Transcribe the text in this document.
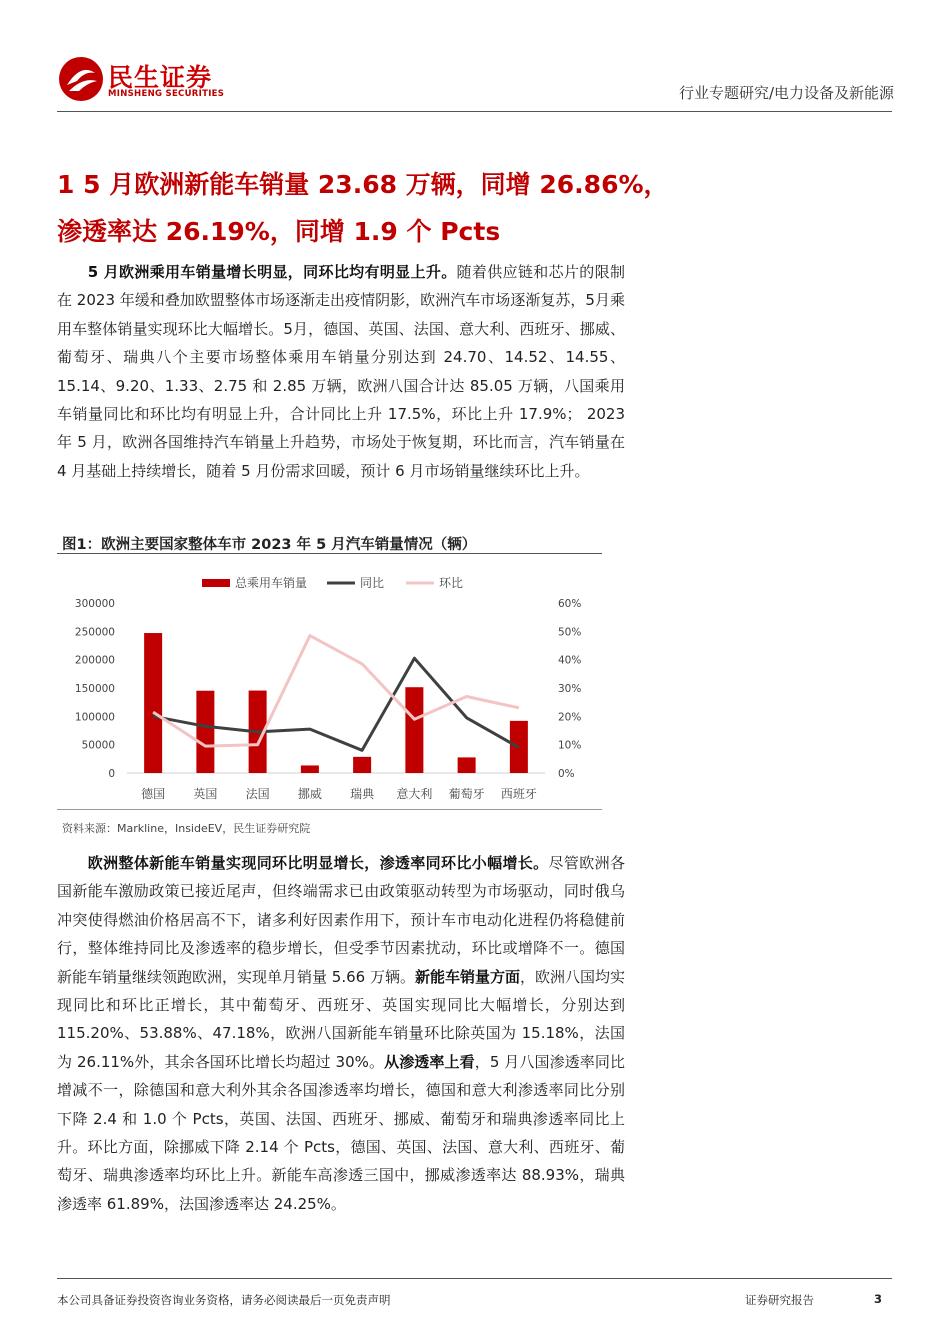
民生证券
MINSHENG SECURITIES	行业专题研究/电力设备及新能源
1 5 月欧洲新能车销量 23.68 万辆，同增 26.86%，
渗透率达 26.19%，同增 1.9 个 Pcts
　　5 月欧洲乘用车销量增长明显，同环比均有明显上升。随着供应链和芯片的限制在 2023 年缓和叠加欧盟整体市场逐渐走出疫情阴影，欧洲汽车市场逐渐复苏，5月乘用车整体销量实现环比大幅增长。5月，德国、英国、法国、意大利、西班牙、挪威、葡萄牙、瑞典八个主要市场整体乘用车销量分别达到 24.70、14.52、14.55、15.14、9.20、1.33、2.75 和 2.85 万辆，欧洲八国合计达 85.05 万辆，八国乘用车销量同比和环比均有明显上升，合计同比上升 17.5%，环比上升 17.9%； 2023 年 5 月，欧洲各国维持汽车销量上升趋势，市场处于恢复期，环比而言，汽车销量在 4 月基础上持续增长，随着 5 月份需求回暖，预计 6 月市场销量继续环比上升。
图1：欧洲主要国家整体车市 2023 年 5 月汽车销量情况（辆）
总乘用车销量	同比	环比
0
50000
100000
150000
200000
250000
300000
0%
10%
20%
30%
40%
50%
60%
德国 英国 法国 挪威 瑞典 意大利 葡萄牙 西班牙
资料来源：Markline，InsideEV，民生证券研究院
　　欧洲整体新能车销量实现同环比明显增长，渗透率同环比小幅增长。尽管欧洲各国新能车激励政策已接近尾声，但终端需求已由政策驱动转型为市场驱动，同时俄乌冲突使得燃油价格居高不下，诸多利好因素作用下，预计车市电动化进程仍将稳健前行，整体维持同比及渗透率的稳步增长，但受季节因素扰动，环比或增降不一。德国新能车销量继续领跑欧洲，实现单月销量 5.66 万辆。新能车销量方面，欧洲八国均实现同比和环比正增长，其中葡萄牙、西班牙、英国实现同比大幅增长，分别达到 115.20%、53.88%、47.18%，欧洲八国新能车销量环比除英国为 15.18%，法国为 26.11%外，其余各国环比增长均超过 30%。从渗透率上看，5 月八国渗透率同比增减不一，除德国和意大利外其余各国渗透率均增长，德国和意大利渗透率同比分别下降 2.4 和 1.0 个 Pcts，英国、法国、西班牙、挪威、葡萄牙和瑞典渗透率同比上升。环比方面，除挪威下降 2.14 个 Pcts，德国、英国、法国、意大利、西班牙、葡萄牙、瑞典渗透率均环比上升。新能车高渗透三国中，挪威渗透率达 88.93%，瑞典渗透率 61.89%，法国渗透率达 24.25%。
本公司具备证券投资咨询业务资格，请务必阅读最后一页免责声明	证券研究报告	3
